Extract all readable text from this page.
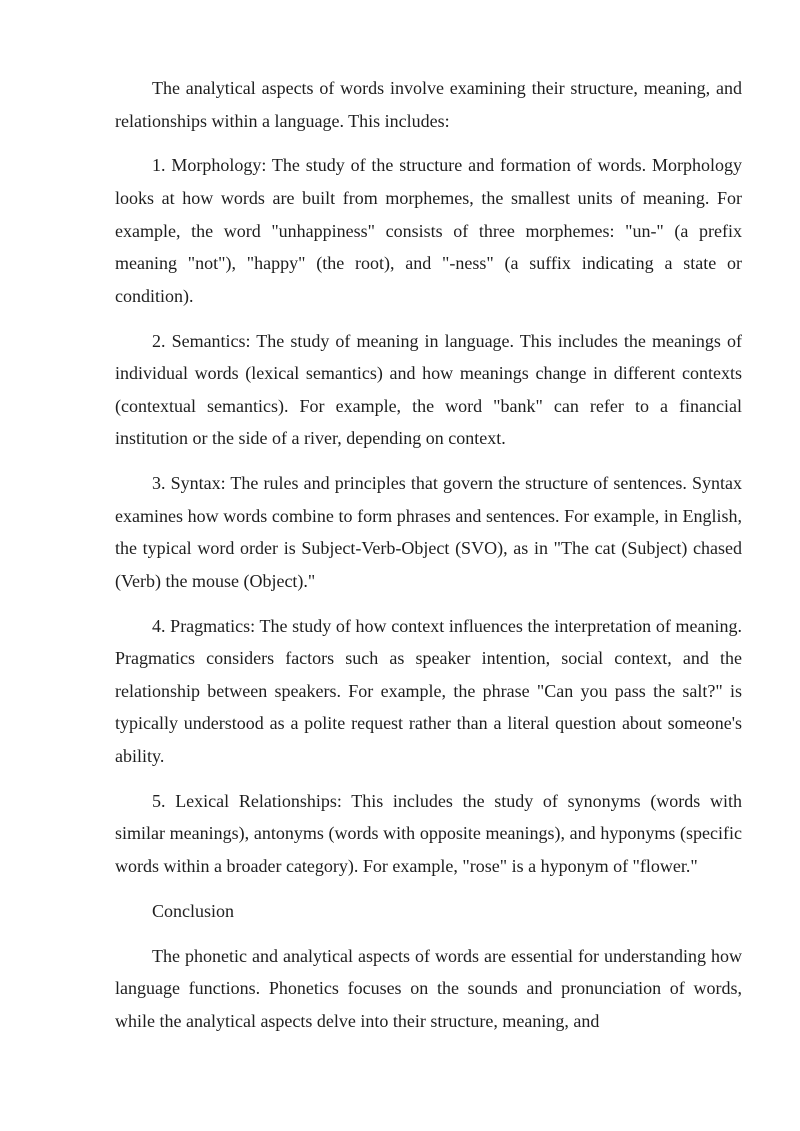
The analytical aspects of words involve examining their structure, meaning, and relationships within a language. This includes:

1. Morphology: The study of the structure and formation of words. Morphology looks at how words are built from morphemes, the smallest units of meaning. For example, the word "unhappiness" consists of three morphemes: "un-" (a prefix meaning "not"), "happy" (the root), and "-ness" (a suffix indicating a state or condition).

2. Semantics: The study of meaning in language. This includes the meanings of individual words (lexical semantics) and how meanings change in different contexts (contextual semantics). For example, the word "bank" can refer to a financial institution or the side of a river, depending on context.

3. Syntax: The rules and principles that govern the structure of sentences. Syntax examines how words combine to form phrases and sentences. For example, in English, the typical word order is Subject-Verb-Object (SVO), as in "The cat (Subject) chased (Verb) the mouse (Object)."

4. Pragmatics: The study of how context influences the interpretation of meaning. Pragmatics considers factors such as speaker intention, social context, and the relationship between speakers. For example, the phrase "Can you pass the salt?" is typically understood as a polite request rather than a literal question about someone's ability.

5. Lexical Relationships: This includes the study of synonyms (words with similar meanings), antonyms (words with opposite meanings), and hyponyms (specific words within a broader category). For example, "rose" is a hyponym of "flower."

Conclusion

The phonetic and analytical aspects of words are essential for understanding how language functions. Phonetics focuses on the sounds and pronunciation of words, while the analytical aspects delve into their structure, meaning, and
